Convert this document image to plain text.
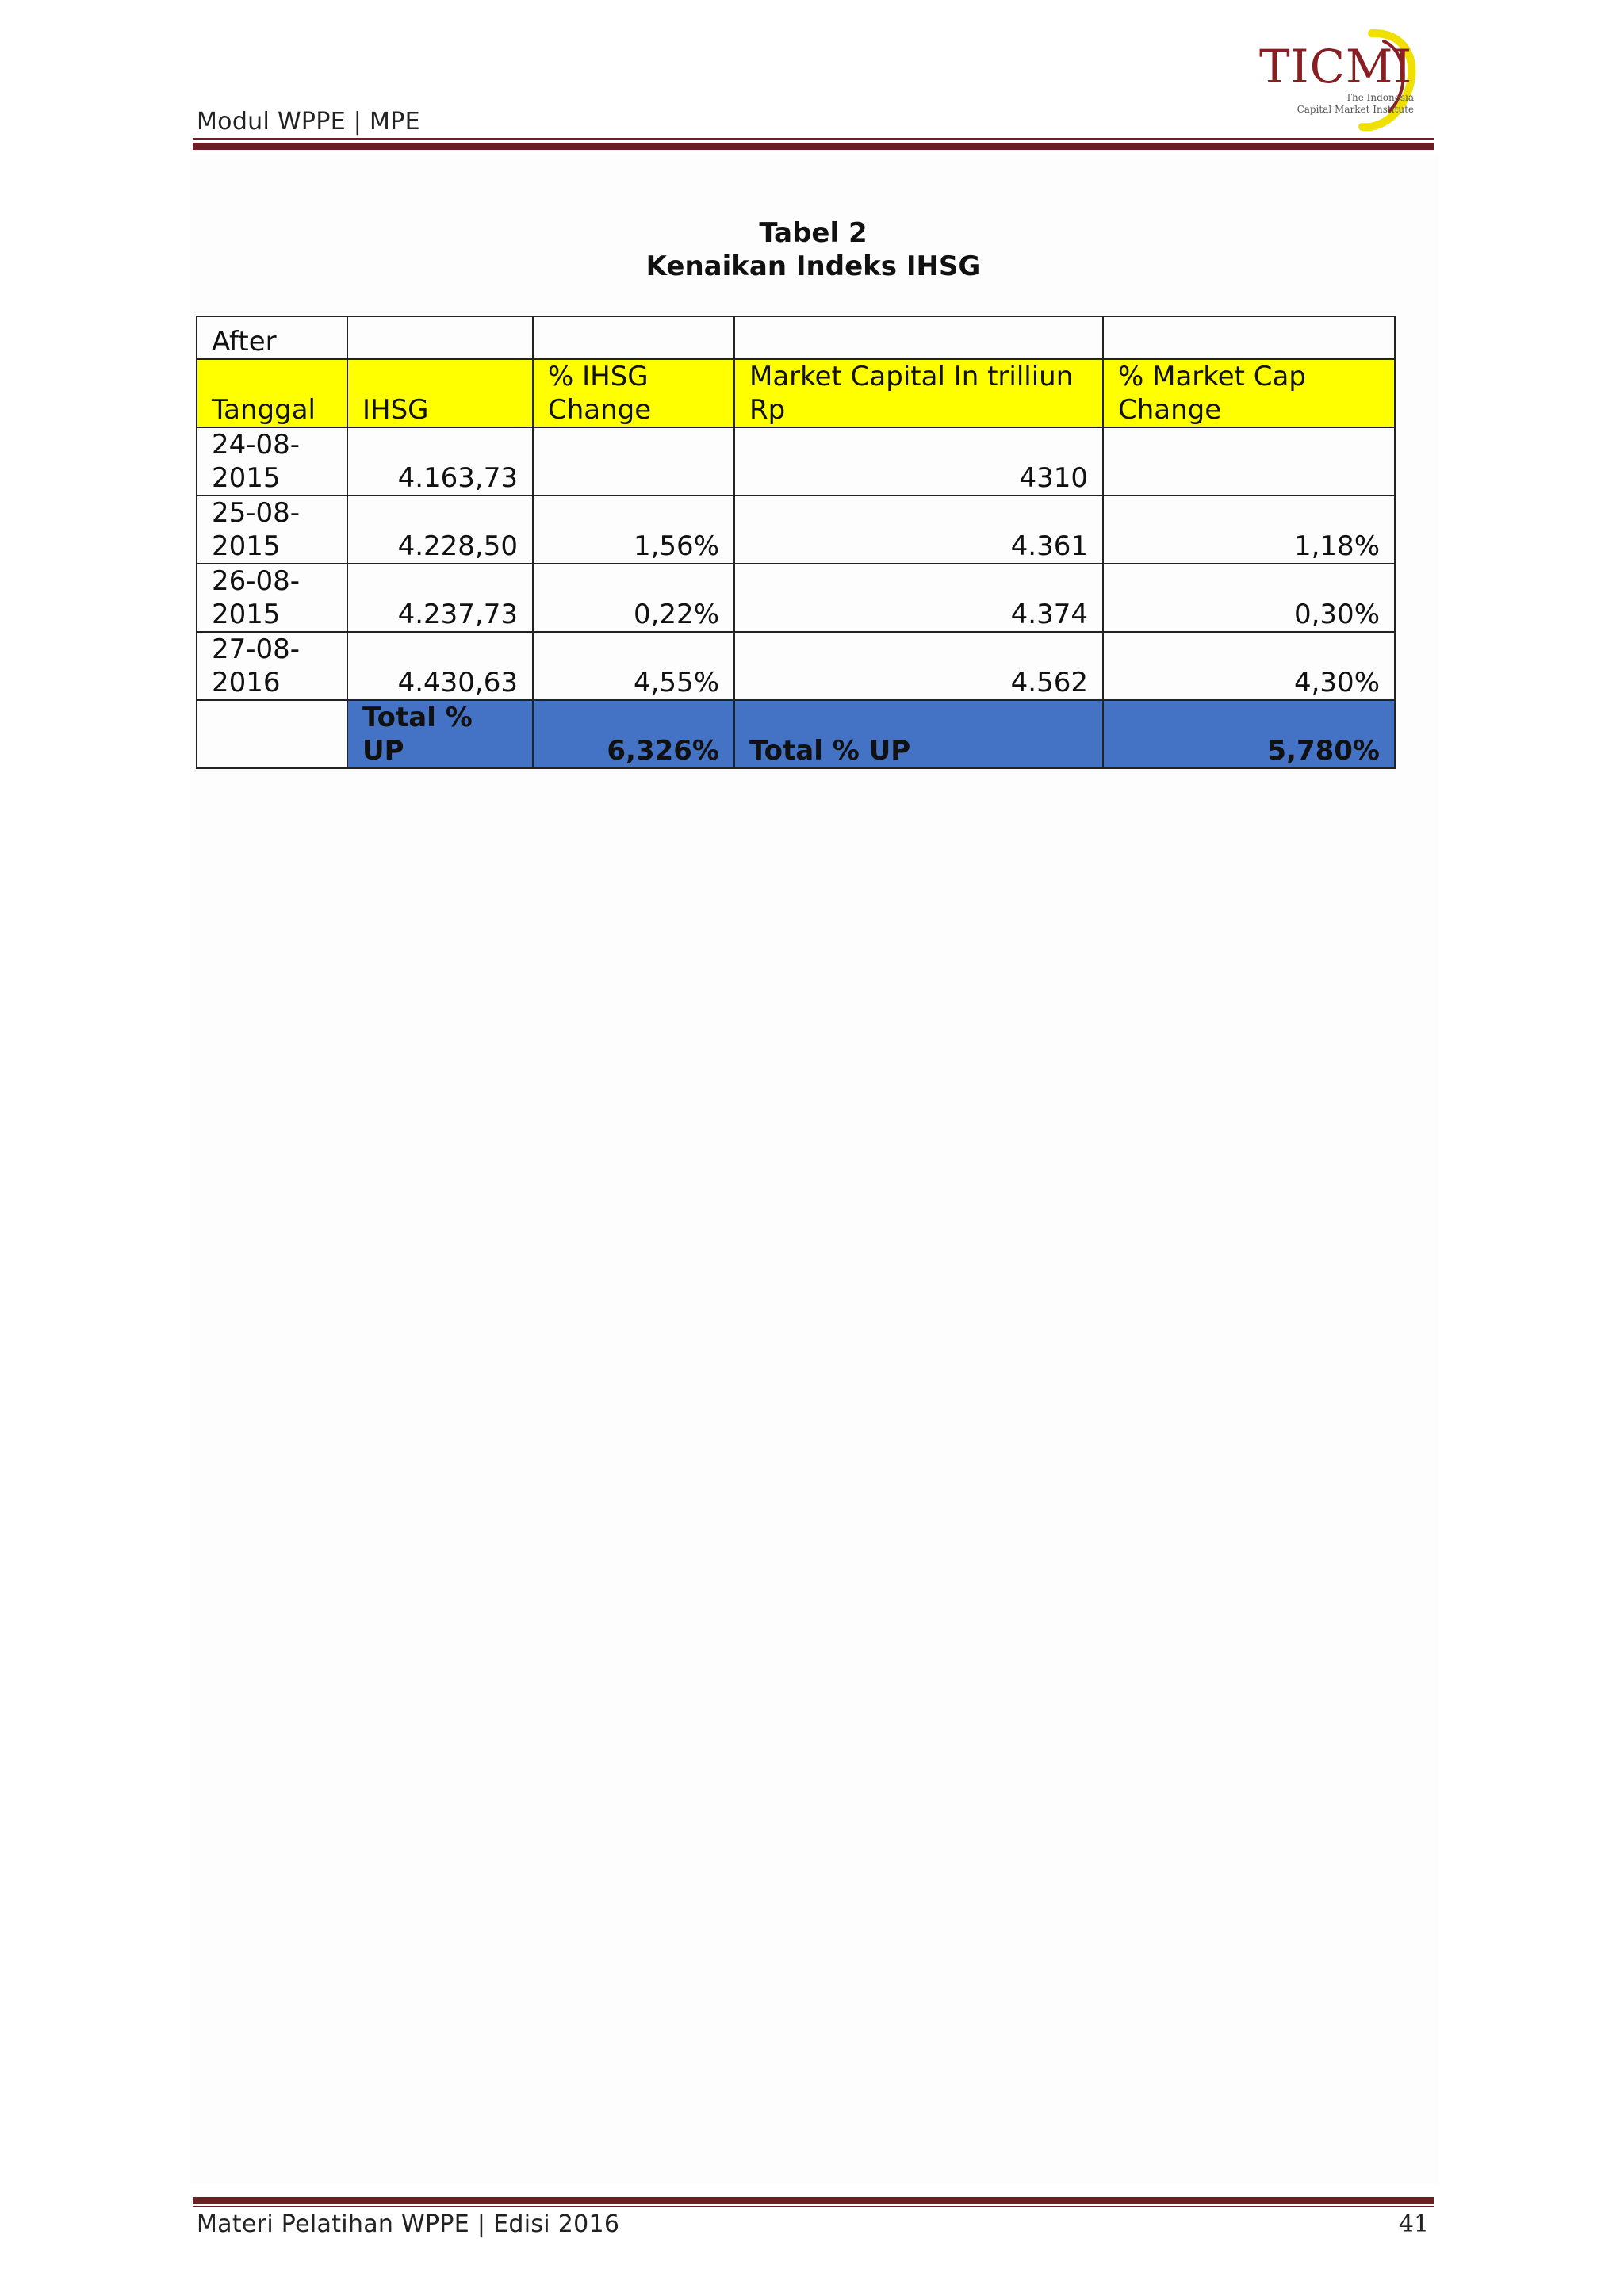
Modul WPPE | MPE
TICMI
The Indonesia
Capital Market Institute
Tabel 2
Kenaikan Indeks IHSG
After				
Tanggal	IHSG	% IHSG Change	Market Capital In trilliun Rp	% Market Cap Change
24-08-2015	4.163,73		4310	
25-08-2015	4.228,50	1,56%	4.361	1,18%
26-08-2015	4.237,73	0,22%	4.374	0,30%
27-08-2016	4.430,63	4,55%	4.562	4,30%
	Total % UP	6,326%	Total % UP	5,780%
Materi Pelatihan WPPE | Edisi 2016	41
